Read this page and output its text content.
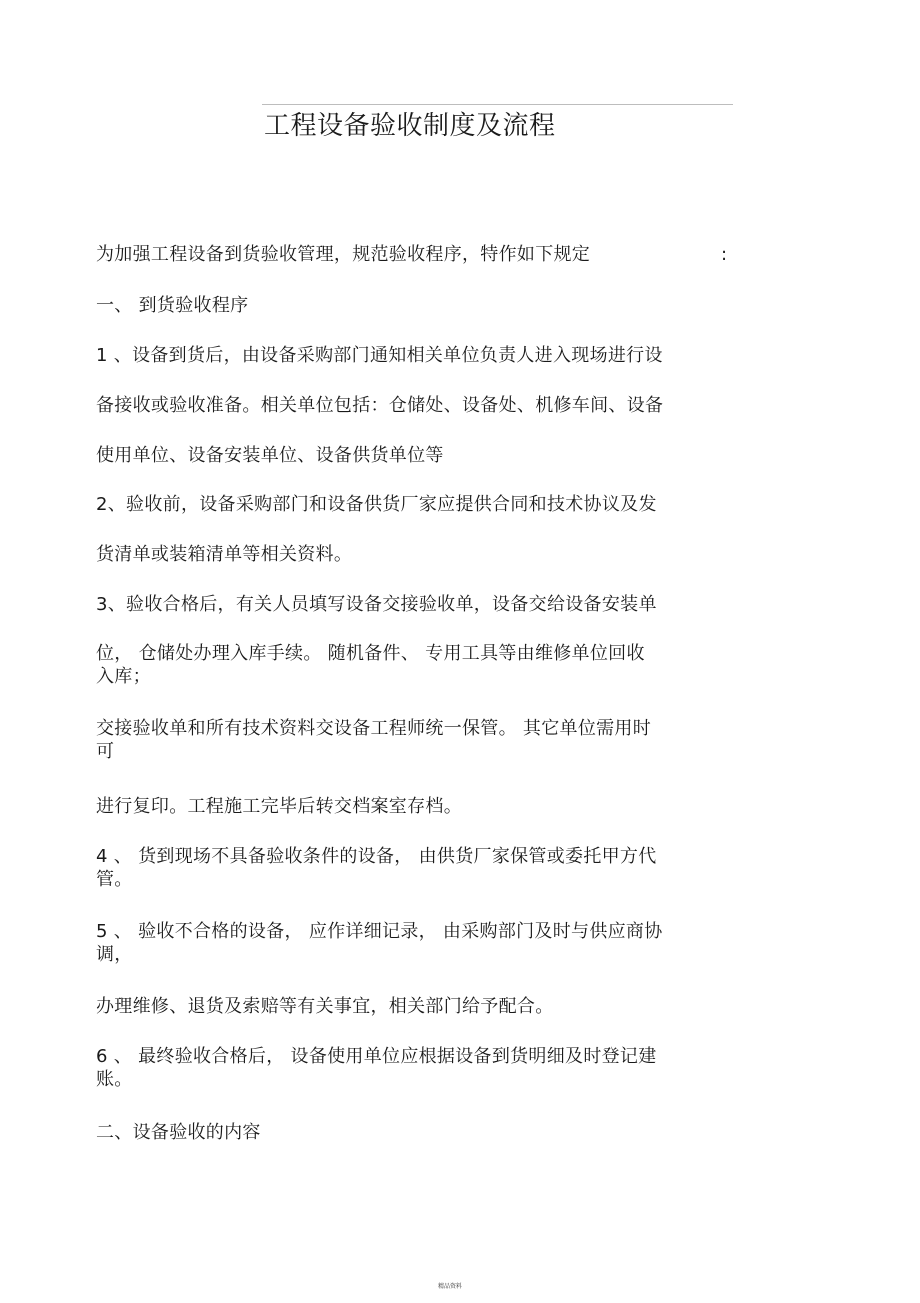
工程设备验收制度及流程
为加强工程设备到货验收管理，规范验收程序，特作如下规定	:
一、 到货验收程序
1 、设备到货后，由设备采购部门通知相关单位负责人进入现场进行设
备接收或验收准备。相关单位包括：仓储处、设备处、机修车间、设备
使用单位、设备安装单位、设备供货单位等
2、验收前，设备采购部门和设备供货厂家应提供合同和技术协议及发
货清单或装箱清单等相关资料。
3、验收合格后，有关人员填写设备交接验收单，设备交给设备安装单
位， 仓储处办理入库手续。 随机备件、 专用工具等由维修单位回收
入库；
交接验收单和所有技术资料交设备工程师统一保管。 其它单位需用时
可
进行复印。工程施工完毕后转交档案室存档。
4 、 货到现场不具备验收条件的设备， 由供货厂家保管或委托甲方代
管。
5 、 验收不合格的设备， 应作详细记录， 由采购部门及时与供应商协
调，
办理维修、退货及索赔等有关事宜，相关部门给予配合。
6 、 最终验收合格后， 设备使用单位应根据设备到货明细及时登记建
账。
二、设备验收的内容
精品资料
